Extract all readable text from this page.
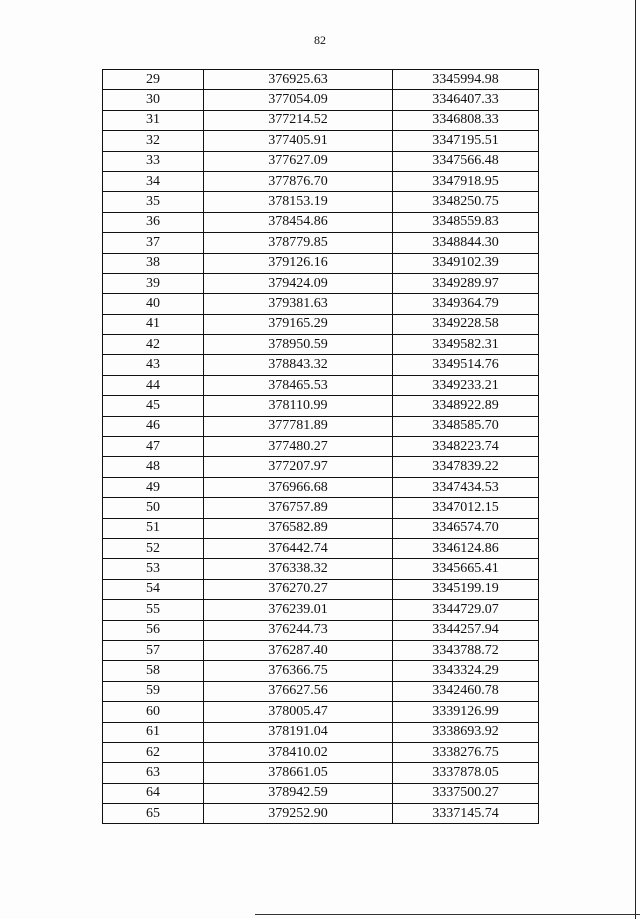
82
29	376925.63	3345994.98
30	377054.09	3346407.33
31	377214.52	3346808.33
32	377405.91	3347195.51
33	377627.09	3347566.48
34	377876.70	3347918.95
35	378153.19	3348250.75
36	378454.86	3348559.83
37	378779.85	3348844.30
38	379126.16	3349102.39
39	379424.09	3349289.97
40	379381.63	3349364.79
41	379165.29	3349228.58
42	378950.59	3349582.31
43	378843.32	3349514.76
44	378465.53	3349233.21
45	378110.99	3348922.89
46	377781.89	3348585.70
47	377480.27	3348223.74
48	377207.97	3347839.22
49	376966.68	3347434.53
50	376757.89	3347012.15
51	376582.89	3346574.70
52	376442.74	3346124.86
53	376338.32	3345665.41
54	376270.27	3345199.19
55	376239.01	3344729.07
56	376244.73	3344257.94
57	376287.40	3343788.72
58	376366.75	3343324.29
59	376627.56	3342460.78
60	378005.47	3339126.99
61	378191.04	3338693.92
62	378410.02	3338276.75
63	378661.05	3337878.05
64	378942.59	3337500.27
65	379252.90	3337145.74
